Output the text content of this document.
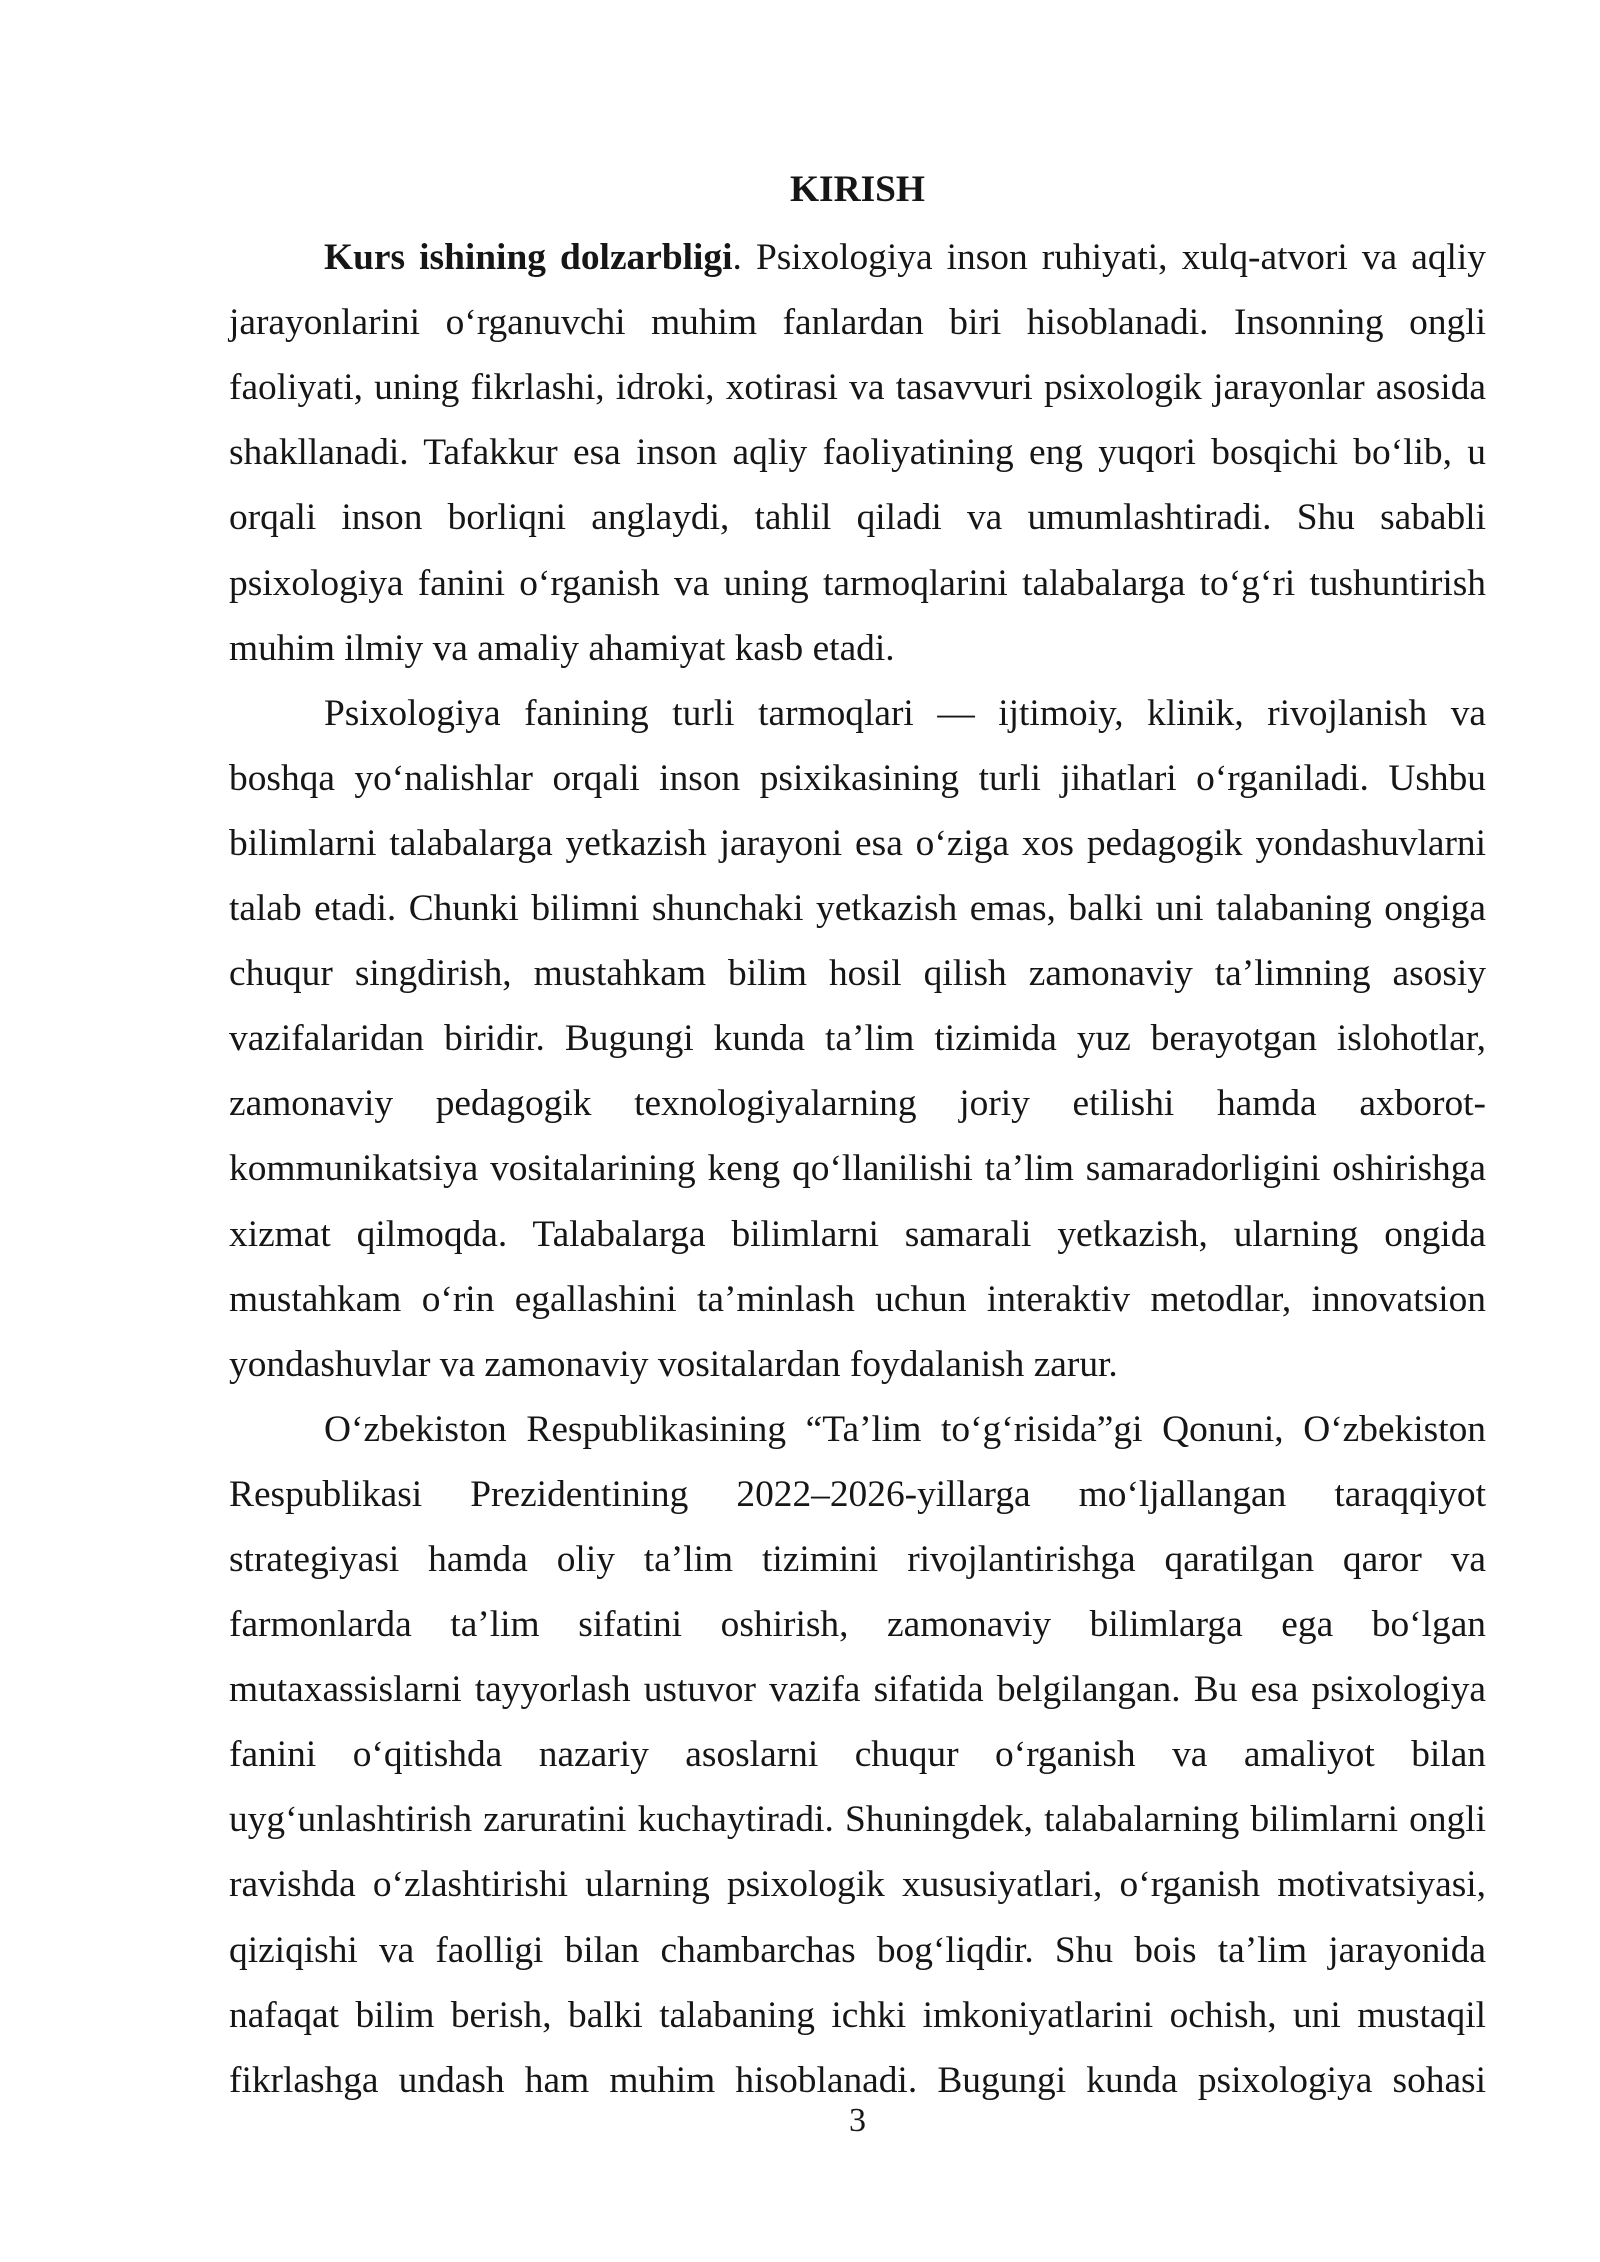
KIRISH
Kurs ishining dolzarbligi. Psixologiya inson ruhiyati, xulq-atvori va aqliy
jarayonlarini o‘rganuvchi muhim fanlardan biri hisoblanadi. Insonning ongli
faoliyati, uning fikrlashi, idroki, xotirasi va tasavvuri psixologik jarayonlar asosida
shakllanadi. Tafakkur esa inson aqliy faoliyatining eng yuqori bosqichi bo‘lib, u
orqali inson borliqni anglaydi, tahlil qiladi va umumlashtiradi. Shu sababli
psixologiya fanini o‘rganish va uning tarmoqlarini talabalarga to‘g‘ri tushuntirish
muhim ilmiy va amaliy ahamiyat kasb etadi.
Psixologiya fanining turli tarmoqlari — ijtimoiy, klinik, rivojlanish va
boshqa yo‘nalishlar orqali inson psixikasining turli jihatlari o‘rganiladi. Ushbu
bilimlarni talabalarga yetkazish jarayoni esa o‘ziga xos pedagogik yondashuvlarni
talab etadi. Chunki bilimni shunchaki yetkazish emas, balki uni talabaning ongiga
chuqur singdirish, mustahkam bilim hosil qilish zamonaviy ta’limning asosiy
vazifalaridan biridir. Bugungi kunda ta’lim tizimida yuz berayotgan islohotlar,
zamonaviy pedagogik texnologiyalarning joriy etilishi hamda axborot-
kommunikatsiya vositalarining keng qo‘llanilishi ta’lim samaradorligini oshirishga
xizmat qilmoqda. Talabalarga bilimlarni samarali yetkazish, ularning ongida
mustahkam o‘rin egallashini ta’minlash uchun interaktiv metodlar, innovatsion
yondashuvlar va zamonaviy vositalardan foydalanish zarur.
O‘zbekiston Respublikasining “Ta’lim to‘g‘risida”gi Qonuni, O‘zbekiston
Respublikasi Prezidentining 2022–2026-yillarga mo‘ljallangan taraqqiyot
strategiyasi hamda oliy ta’lim tizimini rivojlantirishga qaratilgan qaror va
farmonlarda ta’lim sifatini oshirish, zamonaviy bilimlarga ega bo‘lgan
mutaxassislarni tayyorlash ustuvor vazifa sifatida belgilangan. Bu esa psixologiya
fanini o‘qitishda nazariy asoslarni chuqur o‘rganish va amaliyot bilan
uyg‘unlashtirish zaruratini kuchaytiradi. Shuningdek, talabalarning bilimlarni ongli
ravishda o‘zlashtirishi ularning psixologik xususiyatlari, o‘rganish motivatsiyasi,
qiziqishi va faolligi bilan chambarchas bog‘liqdir. Shu bois ta’lim jarayonida
nafaqat bilim berish, balki talabaning ichki imkoniyatlarini ochish, uni mustaqil
fikrlashga undash ham muhim hisoblanadi. Bugungi kunda psixologiya sohasi
3
